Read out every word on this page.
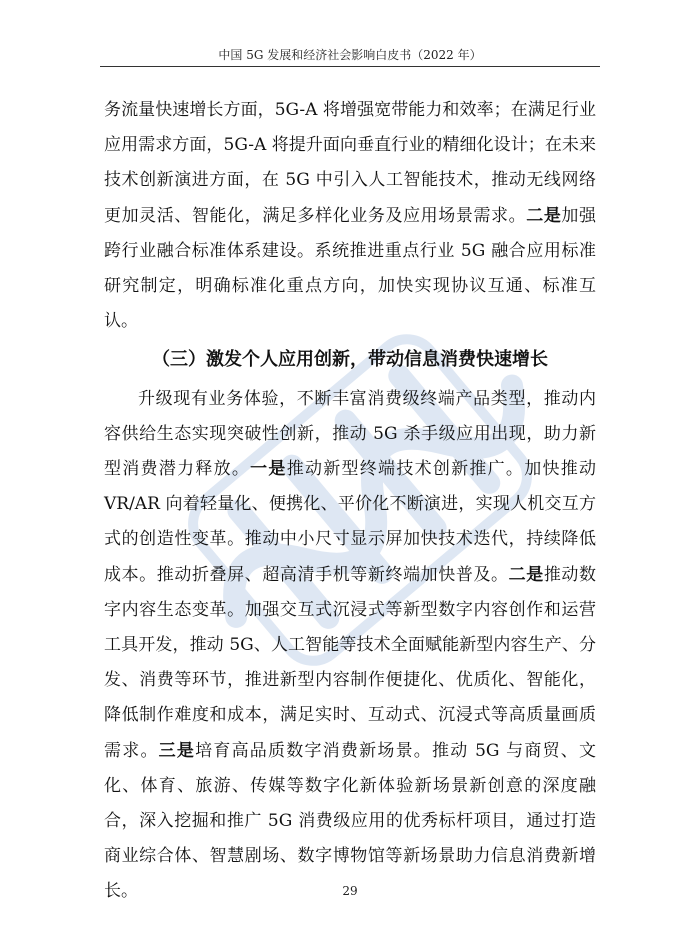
中国 5G 发展和经济社会影响白皮书（2022 年）

务流量快速增长方面，5G-A 将增强宽带能力和效率；在满足行业应用需求方面，5G-A 将提升面向垂直行业的精细化设计；在未来技术创新演进方面，在 5G 中引入人工智能技术，推动无线网络更加灵活、智能化，满足多样化业务及应用场景需求。二是加强跨行业融合标准体系建设。系统推进重点行业 5G 融合应用标准研究制定，明确标准化重点方向，加快实现协议互通、标准互认。

（三）激发个人应用创新，带动信息消费快速增长

升级现有业务体验，不断丰富消费级终端产品类型，推动内容供给生态实现突破性创新，推动 5G 杀手级应用出现，助力新型消费潜力释放。一是推动新型终端技术创新推广。加快推动 VR/AR 向着轻量化、便携化、平价化不断演进，实现人机交互方式的创造性变革。推动中小尺寸显示屏加快技术迭代，持续降低成本。推动折叠屏、超高清手机等新终端加快普及。二是推动数字内容生态变革。加强交互式沉浸式等新型数字内容创作和运营工具开发，推动 5G、人工智能等技术全面赋能新型内容生产、分发、消费等环节，推进新型内容制作便捷化、优质化、智能化，降低制作难度和成本，满足实时、互动式、沉浸式等高质量画质需求。三是培育高品质数字消费新场景。推动 5G 与商贸、文化、体育、旅游、传媒等数字化新体验新场景新创意的深度融合，深入挖掘和推广 5G 消费级应用的优秀标杆项目，通过打造商业综合体、智慧剧场、数字博物馆等新场景助力信息消费新增长。	29
